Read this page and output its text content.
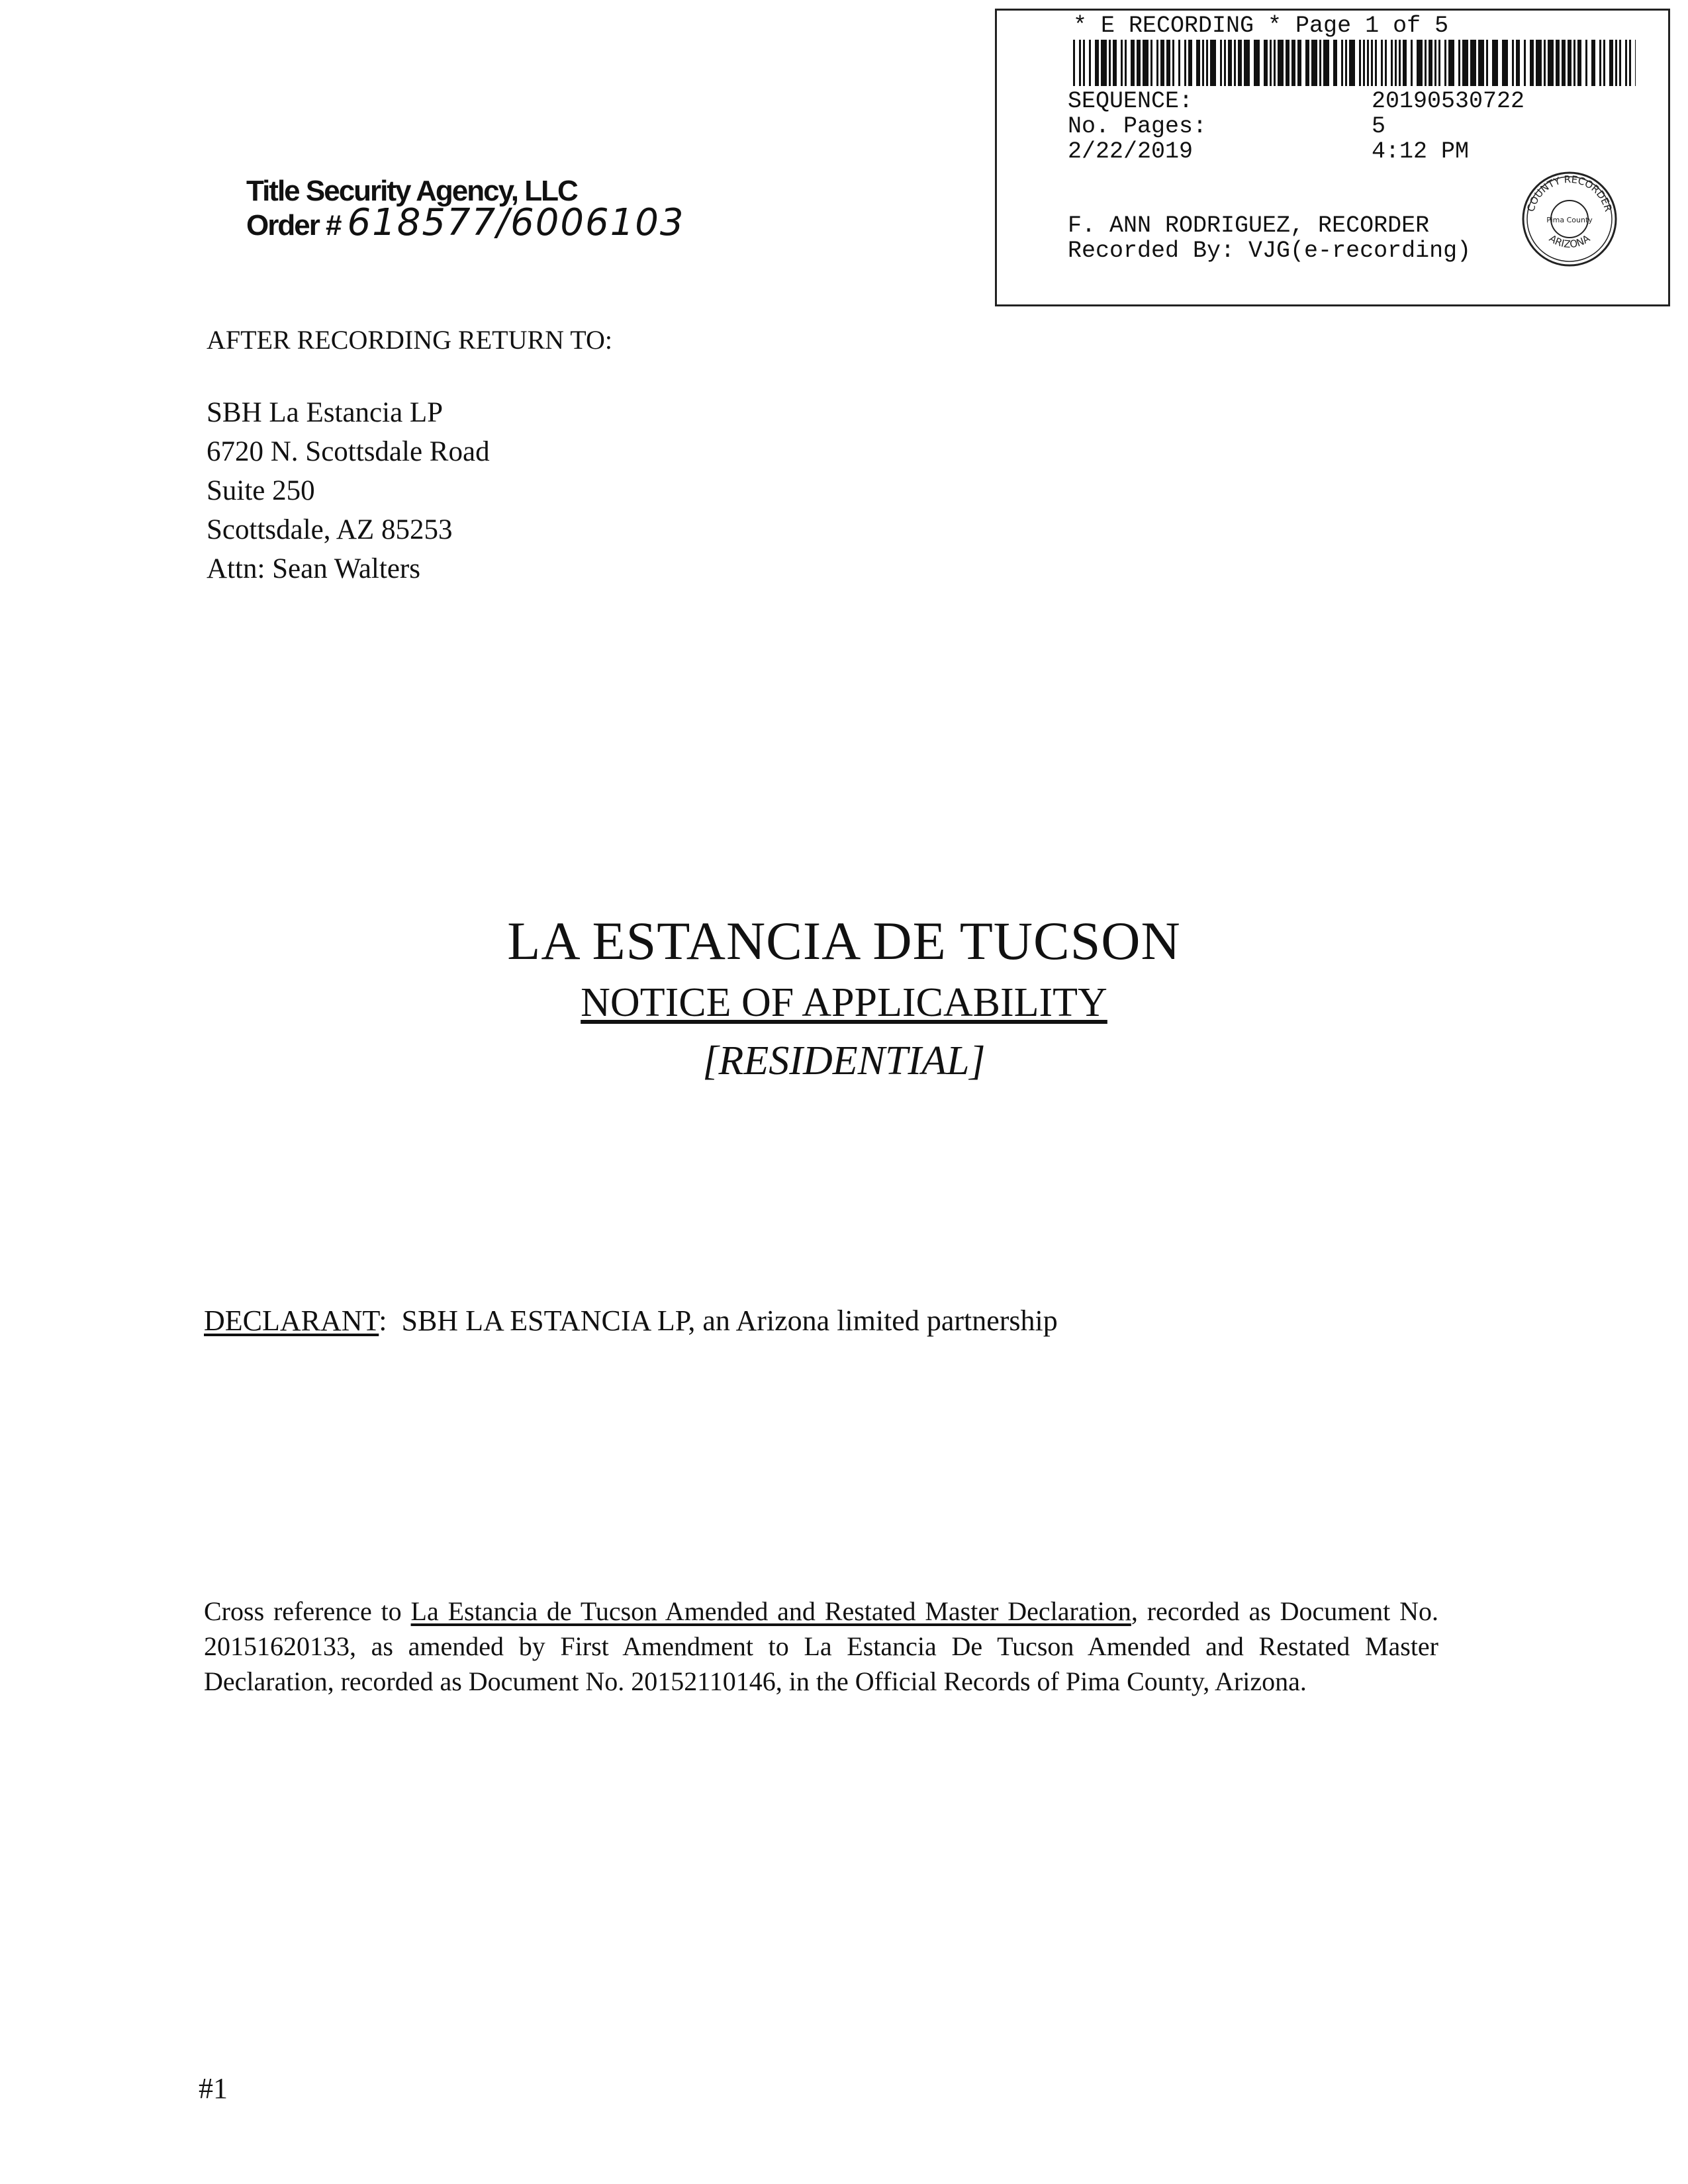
* E RECORDING * Page 1 of 5
SEQUENCE:	20190530722
No. Pages:	5
2/22/2019	4:12 PM
F. ANN RODRIGUEZ, RECORDER
Recorded By: VJG(e-recording)
COUNTY RECORDER
ARIZONA
Pima County
Title Security Agency, LLC
Order # 618577/6006103
AFTER RECORDING RETURN TO:
SBH La Estancia LP
6720 N. Scottsdale Road
Suite 250
Scottsdale, AZ 85253
Attn: Sean Walters
LA ESTANCIA DE TUCSON
NOTICE OF APPLICABILITY
[RESIDENTIAL]
DECLARANT: SBH LA ESTANCIA LP, an Arizona limited partnership
Cross reference to La Estancia de Tucson Amended and Restated Master Declaration, recorded as Document No. 20151620133, as amended by First Amendment to La Estancia De Tucson Amended and Restated Master Declaration, recorded as Document No. 20152110146, in the Official Records of Pima County, Arizona.
#1
